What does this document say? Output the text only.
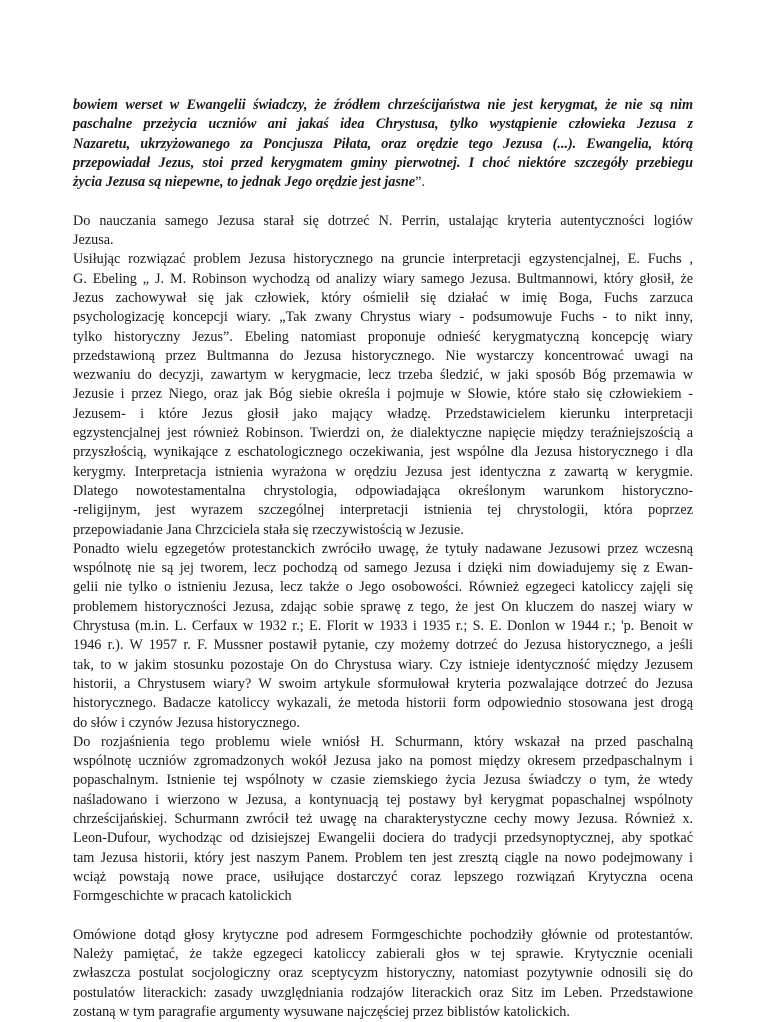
bowiem werset w Ewangelii świadczy, że źródłem chrześcijaństwa nie jest kerygmat, że nie są nim
paschalne przeżycia uczniów ani jakaś idea Chrystusa, tylko wystąpienie człowieka Jezusa z
Nazaretu, ukrzyżowanego za Poncjusza Piłata, oraz orędzie tego Jezusa (...). Ewangelia, którą
przepowiadał Jezus, stoi przed kerygmatem gminy pierwotnej. I choć niektóre szczegóły przebiegu
życia Jezusa są niepewne, to jednak Jego orędzie jest jasne”.
Do nauczania samego Jezusa starał się dotrzeć N. Perrin, ustalając kryteria autentyczności logiów
Jezusa.
Usiłując rozwiązać problem Jezusa historycznego na gruncie interpretacji egzystencjalnej, E. Fuchs ,
G. Ebeling „ J. M. Robinson wychodzą od analizy wiary samego Jezusa. Bultmannowi, który głosił, że
Jezus zachowywał się jak człowiek, który ośmielił się działać w imię Boga, Fuchs zarzuca
psychologizację koncepcji wiary. „Tak zwany Chrystus wiary - podsumowuje Fuchs - to nikt inny,
tylko historyczny Jezus”. Ebeling natomiast proponuje odnieść kerygmatyczną koncepcję wiary
przedstawioną przez Bultmanna do Jezusa historycznego. Nie wystarczy koncentrować uwagi na
wezwaniu do decyzji, zawartym w kerygmacie, lecz trzeba śledzić, w jaki sposób Bóg przemawia w
Jezusie i przez Niego, oraz jak Bóg siebie określa i pojmuje w Słowie, które stało się człowiekiem -
Jezusem- i które Jezus głosił jako mający władzę. Przedstawicielem kierunku interpretacji
egzystencjalnej jest również Robinson. Twierdzi on, że dialektyczne napięcie między teraźniejszością a
przyszłością, wynikające z eschatologicznego oczekiwania, jest wspólne dla Jezusa historycznego i dla
kerygmy. Interpretacja istnienia wyrażona w orędziu Jezusa jest identyczna z zawartą w kerygmie.
Dlatego nowotestamentalna chrystologia, odpowiadająca określonym warunkom historyczno-
-religijnym, jest wyrazem szczególnej interpretacji istnienia tej chrystologii, która poprzez
przepowiadanie Jana Chrzciciela stała się rzeczywistością w Jezusie.
Ponadto wielu egzegetów protestanckich zwróciło uwagę, że tytuły nadawane Jezusowi przez wczesną
wspólnotę nie są jej tworem, lecz pochodzą od samego Jezusa i dzięki nim dowiadujemy się z Ewan-
gelii nie tylko o istnieniu Jezusa, lecz także o Jego osobowości. Również egzegeci katoliccy zajęli się
problemem historyczności Jezusa, zdając sobie sprawę z tego, że jest On kluczem do naszej wiary w
Chrystusa (m.in. L. Cerfaux w 1932 r.; E. Florit w 1933 i 1935 r.; S. E. Donlon w 1944 r.; 'p. Benoit w
1946 r.). W 1957 r. F. Mussner postawił pytanie, czy możemy dotrzeć do Jezusa historycznego, a jeśli
tak, to w jakim stosunku pozostaje On do Chrystusa wiary. Czy istnieje identyczność między Jezusem
historii, a Chrystusem wiary? W swoim artykule sformułował kryteria pozwalające dotrzeć do Jezusa
historycznego. Badacze katoliccy wykazali, że metoda historii form odpowiednio stosowana jest drogą
do słów i czynów Jezusa historycznego.
Do rozjaśnienia tego problemu wiele wniósł H. Schurmann, który wskazał na przed paschalną
wspólnotę uczniów zgromadzonych wokół Jezusa jako na pomost między okresem przedpaschalnym i
popaschalnym. Istnienie tej wspólnoty w czasie ziemskiego życia Jezusa świadczy o tym, że wtedy
naśladowano i wierzono w Jezusa, a kontynuacją tej postawy był kerygmat popaschalnej wspólnoty
chrześcijańskiej. Schurmann zwrócił też uwagę na charakterystyczne cechy mowy Jezusa. Również x.
Leon-Dufour, wychodząc od dzisiejszej Ewangelii dociera do tradycji przedsynoptycznej, aby spotkać
tam Jezusa historii, który jest naszym Panem. Problem ten jest zresztą ciągle na nowo podejmowany i
wciąż powstają nowe prace, usiłujące dostarczyć coraz lepszego rozwiązań Krytyczna ocena
Formgeschichte w pracach katolickich
Omówione dotąd głosy krytyczne pod adresem Formgeschichte pochodziły głównie od protestantów.
Należy pamiętać, że także egzegeci katoliccy zabierali głos w tej sprawie. Krytycznie oceniali
zwłaszcza postulat socjologiczny oraz sceptycyzm historyczny, natomiast pozytywnie odnosili się do
postulatów literackich: zasady uwzględniania rodzajów literackich oraz Sitz im Leben. Przedstawione
zostaną w tym paragrafie argumenty wysuwane najczęściej przez biblistów katolickich.
